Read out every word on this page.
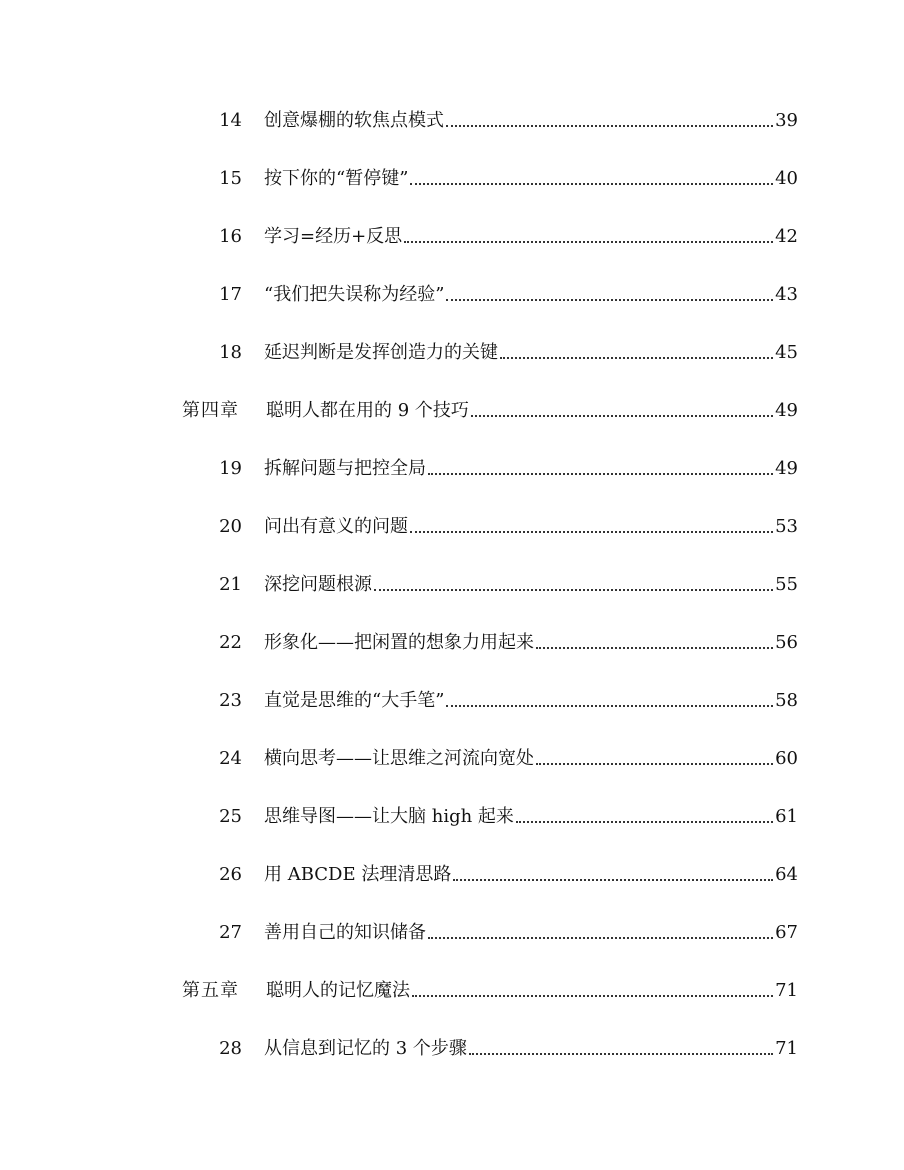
14 创意爆棚的软焦点模式	39
15 按下你的“暂停键”	40
16 学习=经历+反思	42
17 “我们把失误称为经验”	43
18 延迟判断是发挥创造力的关键	45
第四章	聪明人都在用的 9 个技巧	49
19 拆解问题与把控全局	49
20 问出有意义的问题	53
21 深挖问题根源	55
22 形象化——把闲置的想象力用起来	56
23 直觉是思维的“大手笔”	58
24 横向思考——让思维之河流向宽处	60
25 思维导图——让大脑 high 起来	61
26 用 ABCDE 法理清思路	64
27 善用自己的知识储备	67
第五章	聪明人的记忆魔法	71
28 从信息到记忆的 3 个步骤	71
